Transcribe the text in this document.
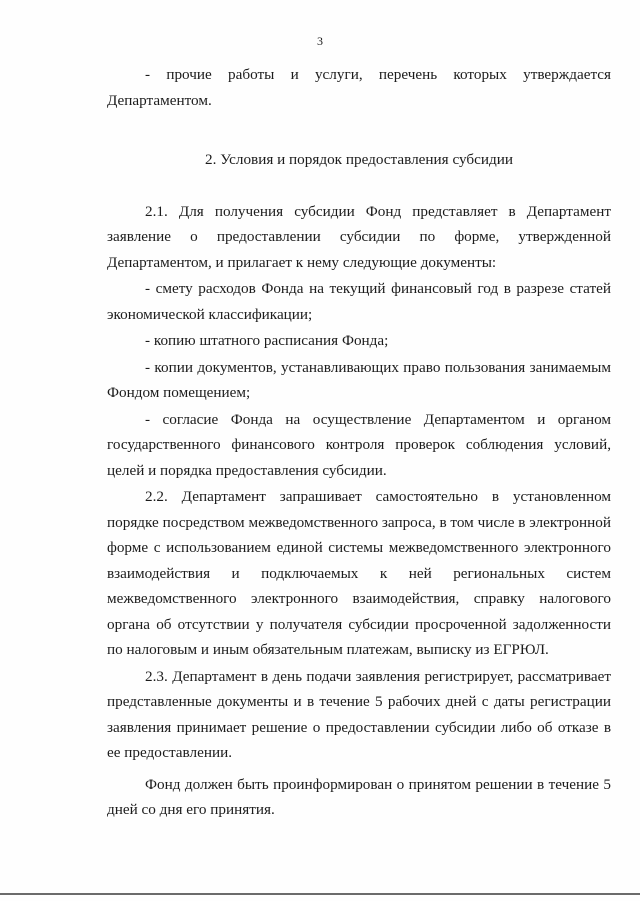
3

- прочие работы и услуги, перечень которых утверждается Департаментом.

2. Условия и порядок предоставления субсидии

2.1. Для получения субсидии Фонд представляет в Департамент заявление о предоставлении субсидии по форме, утвержденной Департаментом, и прилагает к нему следующие документы:

- смету расходов Фонда на текущий финансовый год в разрезе статей экономической классификации;

- копию штатного расписания Фонда;

- копии документов, устанавливающих право пользования занимаемым Фондом помещением;

- согласие Фонда на осуществление Департаментом и органом государственного финансового контроля проверок соблюдения условий, целей и порядка предоставления субсидии.

2.2. Департамент запрашивает самостоятельно в установленном порядке посредством межведомственного запроса, в том числе в электронной форме с использованием единой системы межведомственного электронного взаимодействия и подключаемых к ней региональных систем межведомственного электронного взаимодействия, справку налогового органа об отсутствии у получателя субсидии просроченной задолженности по налоговым и иным обязательным платежам, выписку из ЕГРЮЛ.

2.3. Департамент в день подачи заявления регистрирует, рассматривает представленные документы и в течение 5 рабочих дней с даты регистрации заявления принимает решение о предоставлении субсидии либо об отказе в ее предоставлении.

Фонд должен быть проинформирован о принятом решении в течение 5 дней со дня его принятия.
